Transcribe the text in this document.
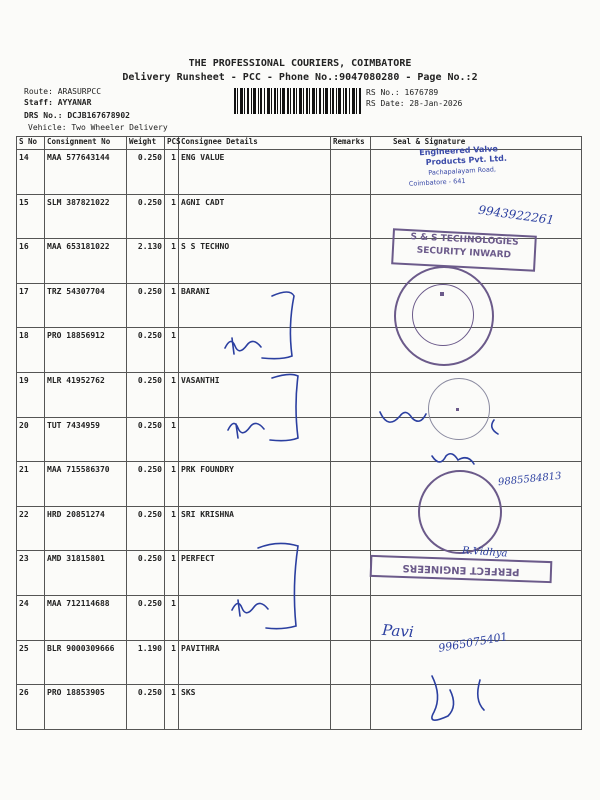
THE PROFESSIONAL COURIERS, COIMBATORE
Delivery Runsheet - PCC - Phone No.:9047080280 - Page No.:2
Route: ARASURPCC
Staff: AYYANAR
DRS No.: DCJB167678902
Vehicle: Two Wheeler Delivery
RS No.: 1676789
RS Date: 28-Jan-2026
S No	Consignment No	Weight	PCS	Consignee Details	Remarks	Seal & Signature
14	MAA 577643144	0.250	1	ENG VALUE		
15	SLM 387821022	0.250	1	AGNI CADT		
16	MAA 653181022	2.130	1	S S TECHNO		
17	TRZ 54307704	0.250	1	BARANI		
18	PRO 18856912	0.250	1			
19	MLR 41952762	0.250	1	VASANTHI		
20	TUT 7434959	0.250	1			
21	MAA 715586370	0.250	1	PRK FOUNDRY		
22	HRD 20851274	0.250	1	SRI KRISHNA		
23	AMD 31815801	0.250	1	PERFECT		
24	MAA 712114688	0.250	1			
25	BLR 9000309666	1.190	1	PAVITHRA		
26	PRO 18853905	0.250	1	SKS		
Engineered Valve
Products Pvt. Ltd.
Pachapalayam Road,
Coimbatore - 641
9943922261
S & S TECHNOLOGIES
SECURITY INWARD
9885584813
R.Vidhya
PERFECT ENGINEERS
Pavi 9965075401
